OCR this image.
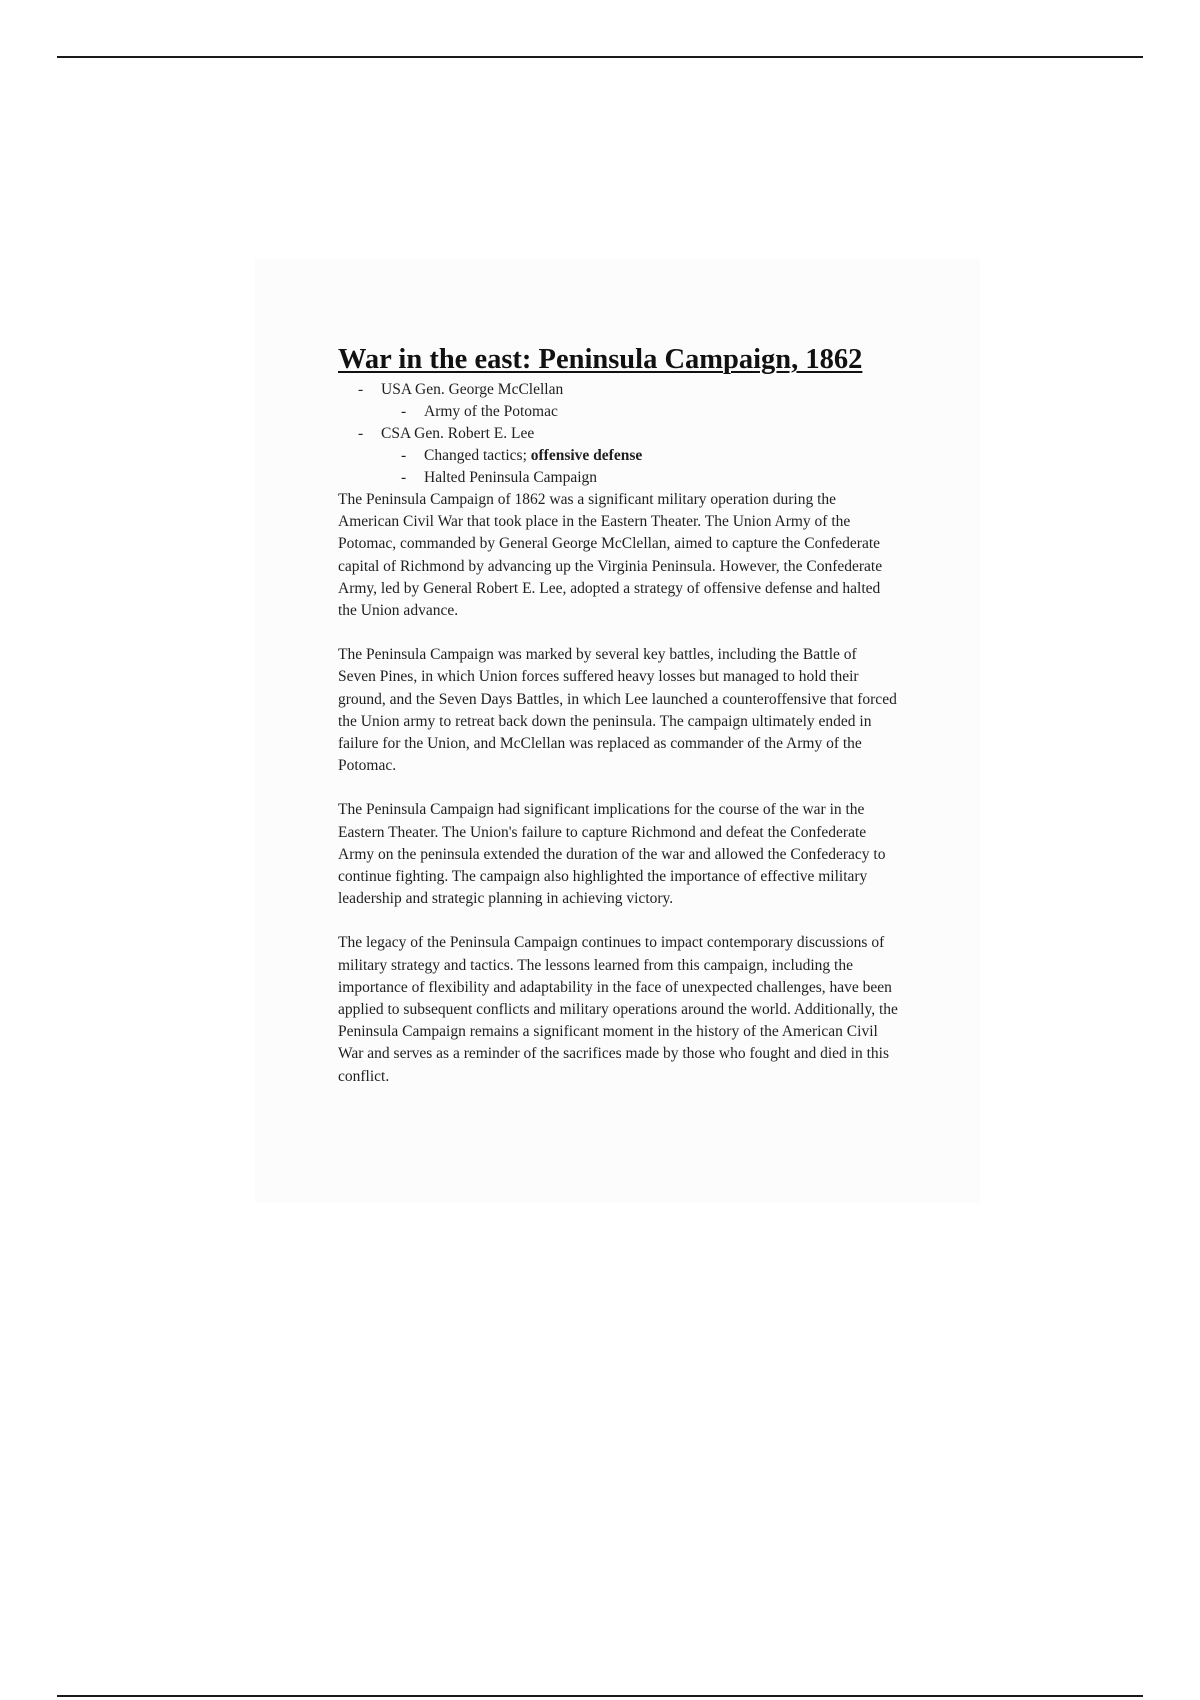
War in the east: Peninsula Campaign, 1862
- USA Gen. George McClellan
- Army of the Potomac
- CSA Gen. Robert E. Lee
- Changed tactics; offensive defense
- Halted Peninsula Campaign

The Peninsula Campaign of 1862 was a significant military operation during the American Civil War that took place in the Eastern Theater. The Union Army of the Potomac, commanded by General George McClellan, aimed to capture the Confederate capital of Richmond by advancing up the Virginia Peninsula. However, the Confederate Army, led by General Robert E. Lee, adopted a strategy of offensive defense and halted the Union advance.

The Peninsula Campaign was marked by several key battles, including the Battle of Seven Pines, in which Union forces suffered heavy losses but managed to hold their ground, and the Seven Days Battles, in which Lee launched a counteroffensive that forced the Union army to retreat back down the peninsula. The campaign ultimately ended in failure for the Union, and McClellan was replaced as commander of the Army of the Potomac.

The Peninsula Campaign had significant implications for the course of the war in the Eastern Theater. The Union's failure to capture Richmond and defeat the Confederate Army on the peninsula extended the duration of the war and allowed the Confederacy to continue fighting. The campaign also highlighted the importance of effective military leadership and strategic planning in achieving victory.

The legacy of the Peninsula Campaign continues to impact contemporary discussions of military strategy and tactics. The lessons learned from this campaign, including the importance of flexibility and adaptability in the face of unexpected challenges, have been applied to subsequent conflicts and military operations around the world. Additionally, the Peninsula Campaign remains a significant moment in the history of the American Civil War and serves as a reminder of the sacrifices made by those who fought and died in this conflict.
